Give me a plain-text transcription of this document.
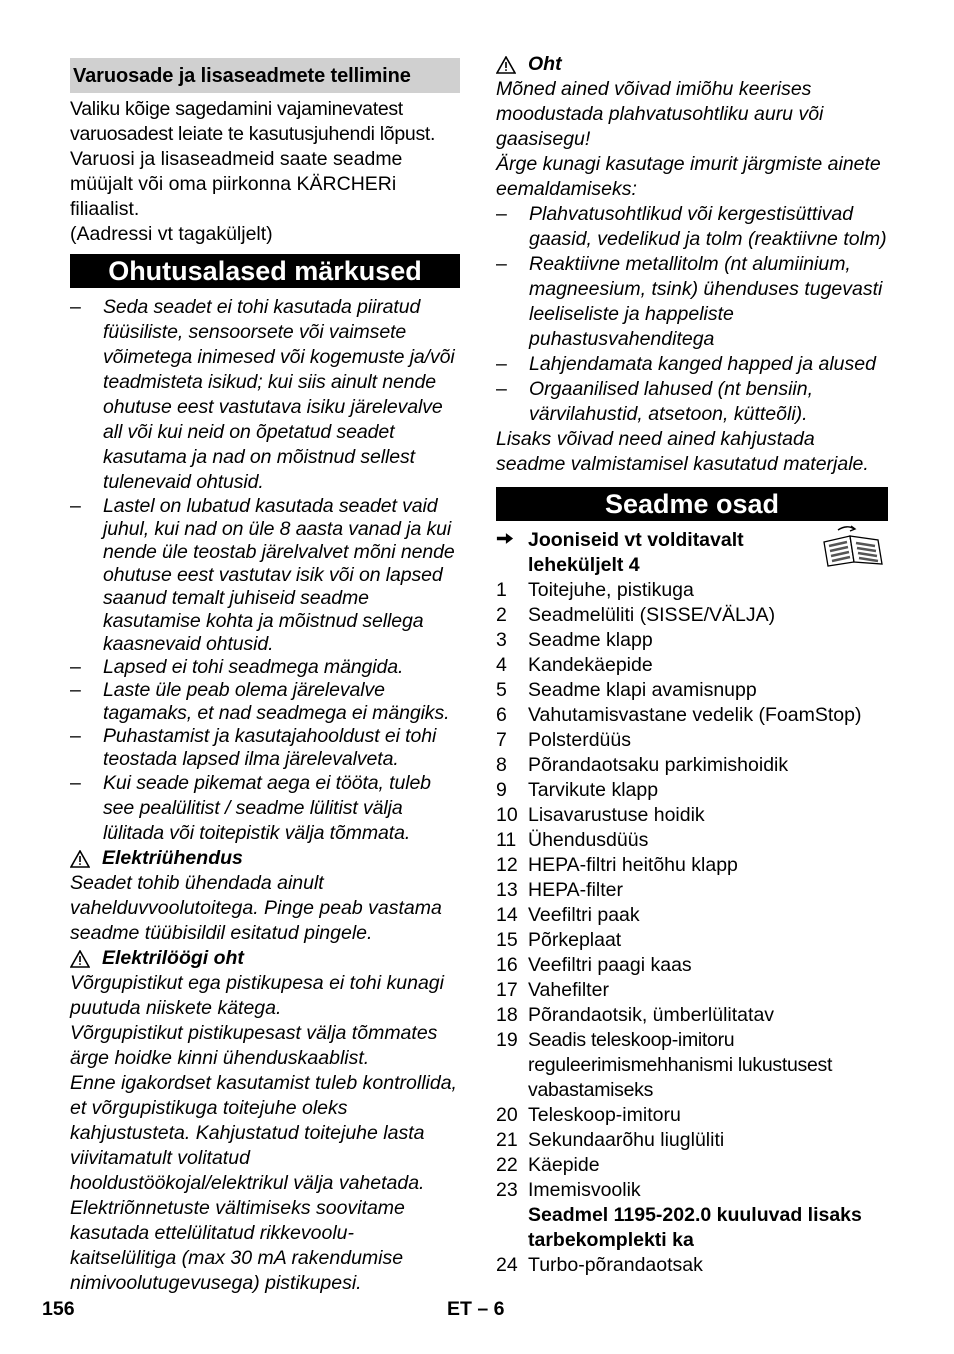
Varuosade ja lisaseadmete tellimine

Valiku kõige sagedamini vajaminevatest varuosadest leiate te kasutusjuhendi lõpust.

Varuosi ja lisaseadmeid saate seadme müüjalt või oma piirkonna KÄRCHERi filiaalist.

(Aadressi vt tagaküljelt)

Ohutusalased märkused
– Seda seadet ei tohi kasutada piiratud füüsiliste, sensoorsete või vaimsete võimetega inimesed või kogemuste ja/või teadmisteta isikud; kui siis ainult nende ohutuse eest vastutava isiku järelevalve all või kui neid on õpetatud seadet kasutama ja nad on mõistnud sellest tulenevaid ohtusid.
– Lastel on lubatud kasutada seadet vaid juhul, kui nad on üle 8 aasta vanad ja kui nende üle teostab järelvalvet mõni nende ohutuse eest vastutav isik või on lapsed saanud temalt juhiseid seadme kasutamise kohta ja mõistnud sellega kaasnevaid ohtusid.
– Lapsed ei tohi seadmega mängida.
– Laste üle peab olema järelevalve tagamaks, et nad seadmega ei mängiks.
– Puhastamist ja kasutajahooldust ei tohi teostada lapsed ilma järelevalveta.
– Kui seade pikemat aega ei tööta, tuleb see pealülitist / seadme lülitist välja lülitada või toitepistik välja tõmmata.
Elektriühendus

Seadet tohib ühendada ainult vahelduvvoolutoitega. Pinge peab vastama seadme tüübisildil esitatud pingele.

Elektrilöögi oht

Võrgupistikut ega pistikupesa ei tohi kunagi puutuda niiskete kätega.

Võrgupistikut pistikupesast välja tõmmates ärge hoidke kinni ühenduskaablist.

Enne igakordset kasutamist tuleb kontrollida, et võrgupistikuga toitejuhe oleks kahjustusteta. Kahjustatud toitejuhe lasta viivitamatult volitatud hooldustöökojal/elektrikul välja vahetada.

Elektriõnnetuste vältimiseks soovitame kasutada ettelülitatud rikkevoolu-kaitselülitiga (max 30 mA rakendumise nimivoolutugevusega) pistikupesi.

Oht

Mõned ained võivad imiõhu keerises moodustada plahvatusohtliku auru või gaasisegu!

Ärge kunagi kasutage imurit järgmiste ainete eemaldamiseks:

– Plahvatusohtlikud või kergestisüttivad gaasid, vedelikud ja tolm (reaktiivne tolm)
– Reaktiivne metallitolm (nt alumiinium, magneesium, tsink) ühenduses tugevasti leeliseliste ja happeliste puhastusvahenditega
– Lahjendamata kanged happed ja alused
– Orgaanilised lahused (nt bensiin, värvilahustid, atsetoon, kütteõli).

Lisaks võivad need ained kahjustada seadme valmistamisel kasutatud materjale.

Seadme osad
Jooniseid vt volditavalt leheküljelt 4
1	Toitejuhe, pistikuga
2	Seadmelüliti (SISSE/VÄLJA)
3	Seadme klapp
4	Kandekäepide
5	Seadme klapi avamisnupp
6	Vahutamisvastane vedelik (FoamStop)
7	Polsterdüüs
8	Põrandaotsaku parkimishoidik
9	Tarvikute klapp
10 Lisavarustuse hoidik
11 Ühendusdüüs
12 HEPA-filtri heitõhu klapp
13 HEPA-filter
14 Veefiltri paak
15 Põrkeplaat
16 Veefiltri paagi kaas
17 Vahefilter
18 Põrandaotsik, ümberlülitatav
19 Seadis teleskoop-imitoru reguleerimismehhanismi lukustusest vabastamiseks
20 Teleskoop-imitoru
21 Sekundaarõhu liuglüliti
22 Käepide
23 Imemisvoolik

Seadmel 1195-202.0 kuuluvad lisaks tarbekomplekti ka

24 Turbo-põrandaotsak
156	ET – 6
